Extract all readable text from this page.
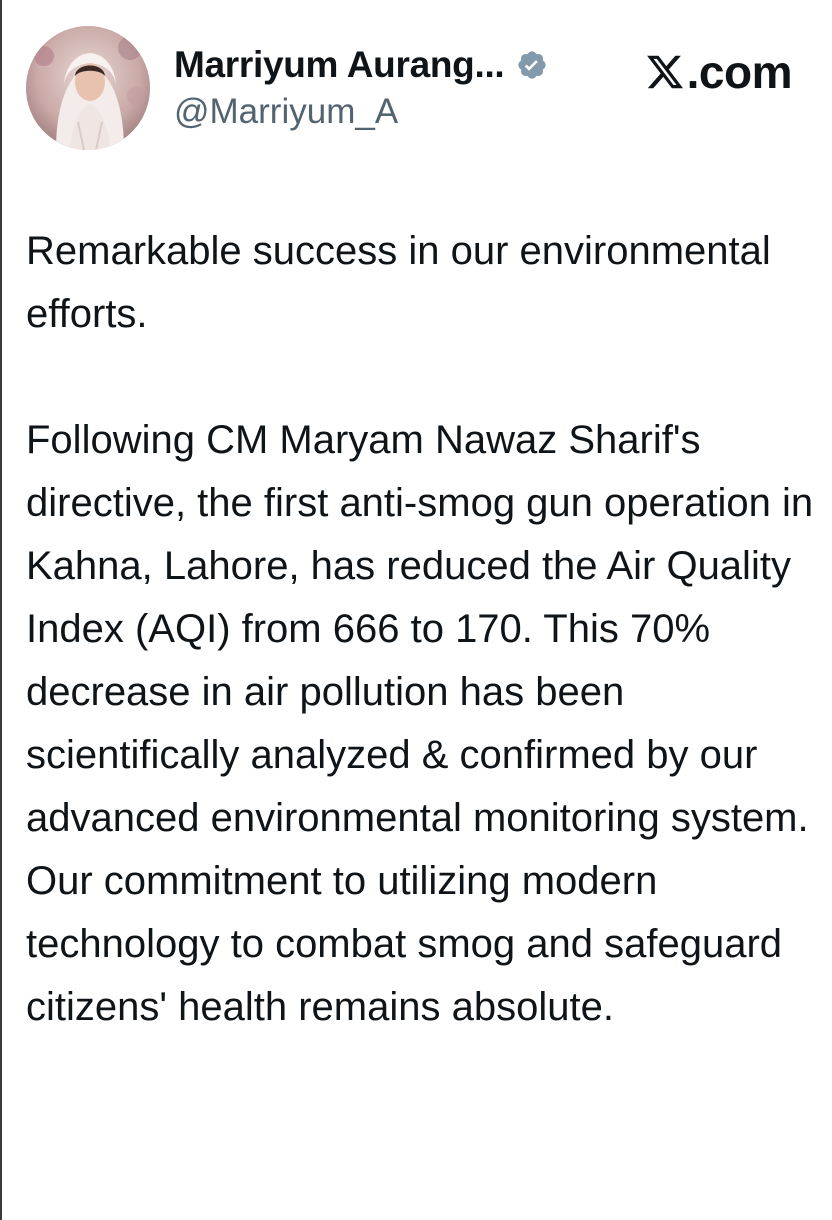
Marriyum Aurang...
@Marriyum_A
.com

Remarkable success in our environmental efforts.

Following CM Maryam Nawaz Sharif's directive, the first anti-smog gun operation in Kahna, Lahore, has reduced the Air Quality Index (AQI) from 666 to 170. This 70% decrease in air pollution has been scientifically analyzed & confirmed by our advanced environmental monitoring system. Our commitment to utilizing modern technology to combat smog and safeguard citizens' health remains absolute.
